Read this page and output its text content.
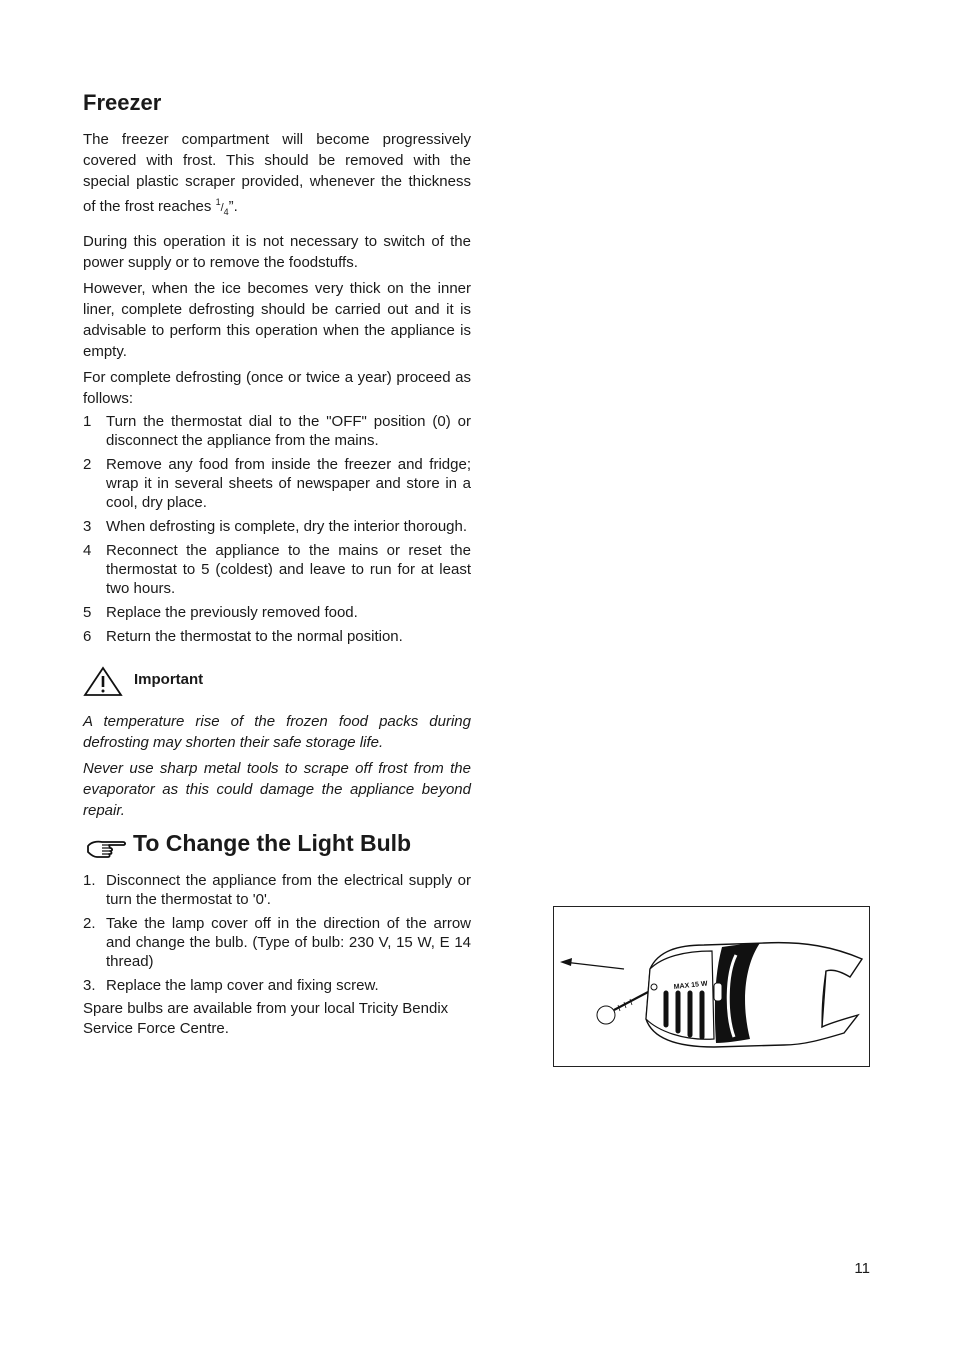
Freezer

The freezer compartment will become progressively covered with frost. This should be removed with the special plastic scraper provided, whenever the thickness of the frost reaches $^1/_4$”.

During this operation it is not necessary to switch of the power supply or to remove the foodstuffs.

However, when the ice becomes very thick on the inner liner, complete defrosting should be carried out and it is advisable to perform this operation when the appliance is empty.

For complete defrosting (once or twice a year) proceed as follows:

1 Turn the thermostat dial to the "OFF" position (0) or disconnect the appliance from the mains.
2 Remove any food from inside the freezer and fridge; wrap it in several sheets of newspaper and store in a cool, dry place.
3 When defrosting is complete, dry the interior thorough.
4 Reconnect the appliance to the mains or reset the thermostat to 5 (coldest) and leave to run for at least two hours.
5 Replace the previously removed food.
6 Return the thermostat to the normal position.
Important

A temperature rise of the frozen food packs during defrosting may shorten their safe storage life.

Never use sharp metal tools to scrape off frost from the evaporator as this could damage the appliance beyond repair.

To Change the Light Bulb
1. Disconnect the appliance from the electrical supply or turn the thermostat to '0'.
2. Take the lamp cover off in the direction of the arrow and change the bulb. (Type of bulb: 230 V, 15 W, E 14 thread)
3. Replace the lamp cover and fixing screw.

Spare bulbs are available from your local Tricity Bendix Service Force Centre.

MAX 15 W
11
